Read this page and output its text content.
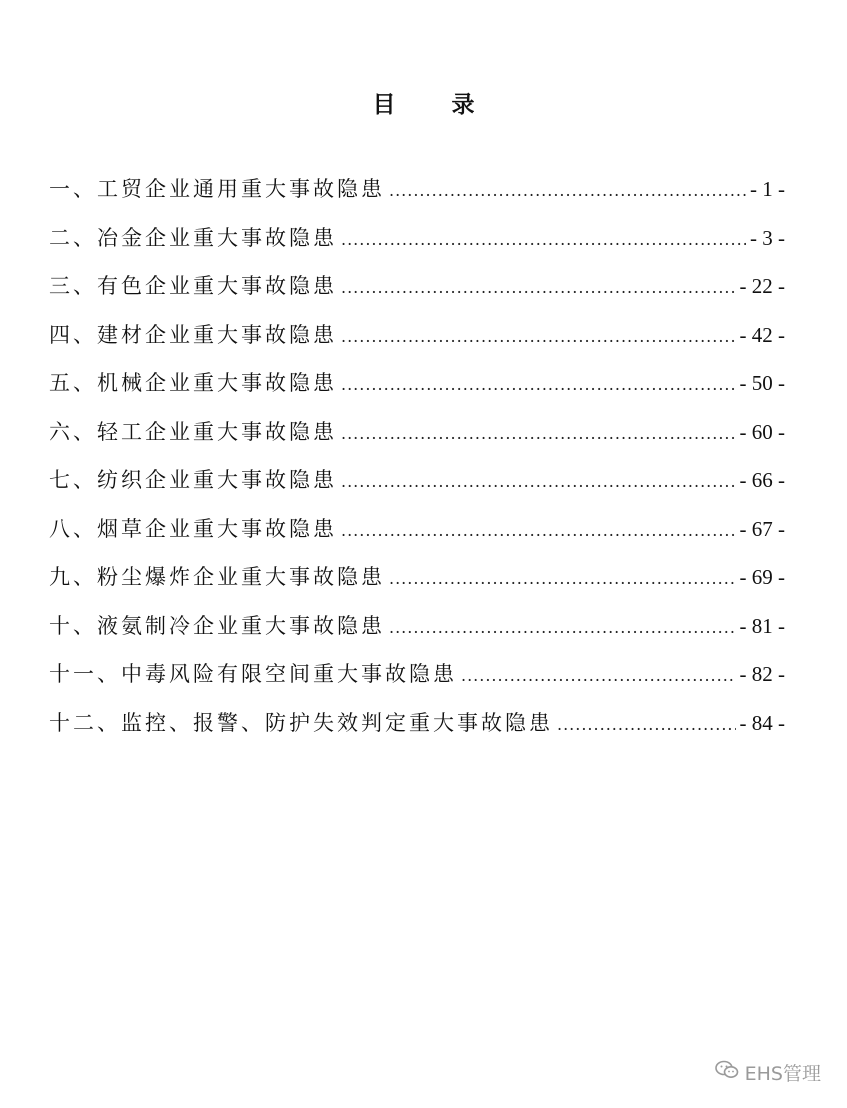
目 录
一、工贸企业通用重大事故隐患 .....	- 1 -
二、冶金企业重大事故隐患 .....	- 3 -
三、有色企业重大事故隐患 .....	- 22 -
四、建材企业重大事故隐患 .....	- 42 -
五、机械企业重大事故隐患 .....	- 50 -
六、轻工企业重大事故隐患 .....	- 60 -
七、纺织企业重大事故隐患 .....	- 66 -
八、烟草企业重大事故隐患 .....	- 67 -
九、粉尘爆炸企业重大事故隐患 .....	- 69 -
十、液氨制冷企业重大事故隐患 .....	- 81 -
十一、中毒风险有限空间重大事故隐患 .....	- 82 -
十二、监控、报警、防护失效判定重大事故隐患 .....	- 84 -
EHS管理
